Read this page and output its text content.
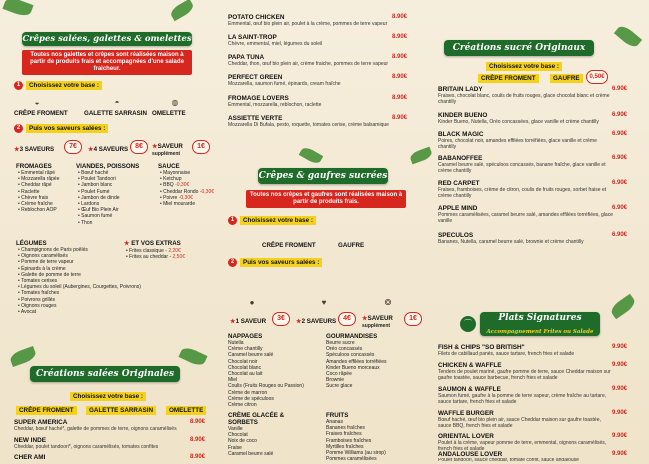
Crêpes salées, galettes & omelettes
Toutes nos galettes et crêpes sont réalisées maison à partir de produits frais et accompagnées d'une salade fraicheur.
1	Choisissez votre base :
CRÊPE FROMENT	GALETTE SARRASIN OMELETTE
◒	◓	◍
2	Puis vos saveurs salées :
★3 SAVEURS	7€	★4 SAVEURS 8€	★SAVEUR
supplément
1€
FROMAGES
• Emmental râpé
• Mozzarella râpée
• Cheddar râpé
• Raclette
• Chèvre frais
• Crème fraîche
• Reblochon AOP
VIANDES, POISSONS
• Bœuf haché
• Poulet Tandoori
• Jambon blanc
• Poulet Fumé
• Jambon de dinde
• Lardons
• Œuf Bio Plein Air
• Saumon fumé
• Thon
SAUCE
• Mayonnaise
• Ketchup
• BBQ -0,30€
• Cheddar Rondo -0,30€
• Poivre -0,30€
• Miel mourarde
LÉGUMES
• Champignons de Paris poêlés
• Oignons caramélisés
• Pomme de terre vapeur
• Épinards à la crème
• Galette de pomme de terre
• Tomates cerises
• Légumes du soleil (Aubergines, Courgettes, Poivrons)
• Tomates fraîches
• Poivrons grillés
• Oignons rouges
• Avocat
★ ET VOS EXTRAS
• Frites classique - 2,20€
• Frites au cheddar - 2,50€
Créations salées Originales
Choisissez votre base :
CRÊPE FROMENT	GALETTE SARRASIN	OMELETTE
SUPER AMERICA	8.90€
Cheddar, bœuf haché*, galette de pommes de terre, oignons caramélisés
NEW INDE	8.90€
Cheddar, poulet tandoori*, oignons caramélisés, tomates confites
CHER AMI	8.90€
POTATO CHICKEN	8.90€
Emmental, œuf bio plein air, poulet à la crème, pommes de terre vapeur
LA SAINT-TROP	8.90€
Chèvre, emmental, miel, légumes du soleil
PAPA TUNA	8.90€
Cheddar, thon, œuf bio plein air, crème fraiche, pommes de terre vapeur
PERFECT GREEN	8.90€
Mozzarella, saumon fumé, épinards, cream fraîche
FROMAGE LOVERS	8.90€
Emmental, mozzarella, reblochon, raclette
ASSIETTE VERTE	8.90€
Mozzarella Di Bufala, pesto, roquette, tomates cerise, crème balsamique
Crêpes & gaufres sucrées
Toutes nos crêpes et gaufres sont réalisées maison à partir de produits frais.
1	Choisissez votre base :
CRÊPE FROMENT	GAUFRE
2	Puis vos saveurs salées :
●	♥	❂
★1 SAVEUR	3€	★2 SAVEURS 4€	★SAVEUR
supplément
1€
NAPPAGES
Nutella
Crème chantilly
Caramel beurre salé
Chocolat noir
Chocolat blanc
Chocolat au lait
Miel
Coulis (Fruits Rouges ou Passion)
Crème de marron
Crème de spéculoos
Crème citron
GOURMANDISES
Beurre sucre
Oréo concassés
Spéculoos concassés
Amandes effilées torréfiées
Kinder Bueno morceaux
Coco râpée
Brownie
Sucre glace
CRÈME GLACÉE & SORBETS
Vanille
Chocolat
Noix de coco
Fraise
Caramel beurre salé
FRUITS
Ananas
Bananes fraîches
Fraises fraîches
Framboises fraîches
Myrtilles fraîches
Pomme Williams (au sirop)
Pommes caramélisées
Créations sucré Originaux
Choisissez votre base :
CRÊPE FROMENT	GAUFRE	0,50€
BRITAIN LADY	6.90€
Fraises, chocolat blanc, coulis de fruits rouges, glace chocolat blanc et crème chantilly
KINDER BUENO	6.90€
Kinder Bueno, Nutella, Oréo concassées, glace vanille et crème chantilly
BLACK MAGIC	6.90€
Poires, chocolat noir, amandes effilées torréfiées, glace vanille et crème chantilly
BABANOFFEE	6.90€
Caramel beurre salé, spéculoos concassés, banane fraîche, glace vanille et crème chantilly
RED CARPET	6.90€
Fraises, framboises, crème de citron, coulis de fruits rouges, sorbet fraise et crème chantilly
APPLE MIND	6.90€
Pommes caramélisées, caramel beurre salé, amandes effilées torréfiées, glace vanille
SPECULOS	6.90€
Bananes, Nutella, caramel beurre salé, brownie et crème chantilly
⌒
Plats Signatures
Accompagnement Frites ou Salade
FISH & CHIPS "SO BRITISH"	9.90€
Filets de cabillaud panés, sauce tartare, french fries et salade
CHICKEN & WAFFLE	9.90€
Tenders de poulet mariné, gaufre pomme de terre, sauce Cheddar maison sur gaufre toastée, sauce barbecue, french fries et salade
SAUMON & WAFFLE	9.90€
Saumon fumé, gaufre à la pomme de terre vapeur, crème fraîche au tartare, sauce tartare, french fries et salade
WAFFLE BURGER	9.90€
Bœuf haché, œuf bio plein air, sauce Cheddar maison sur gaufre toastée, sauce BBQ, french fries et salade
ORIENTAL LOVER	9.90€
Poulet à la crème, vapeur pomme de terre, emmental, oignons caramélisés, french fries et salade
ANDALOUSE LOVER	9.90€
Poulet tandoori, sauce cheddar, tomate confit, sauce andalouse
